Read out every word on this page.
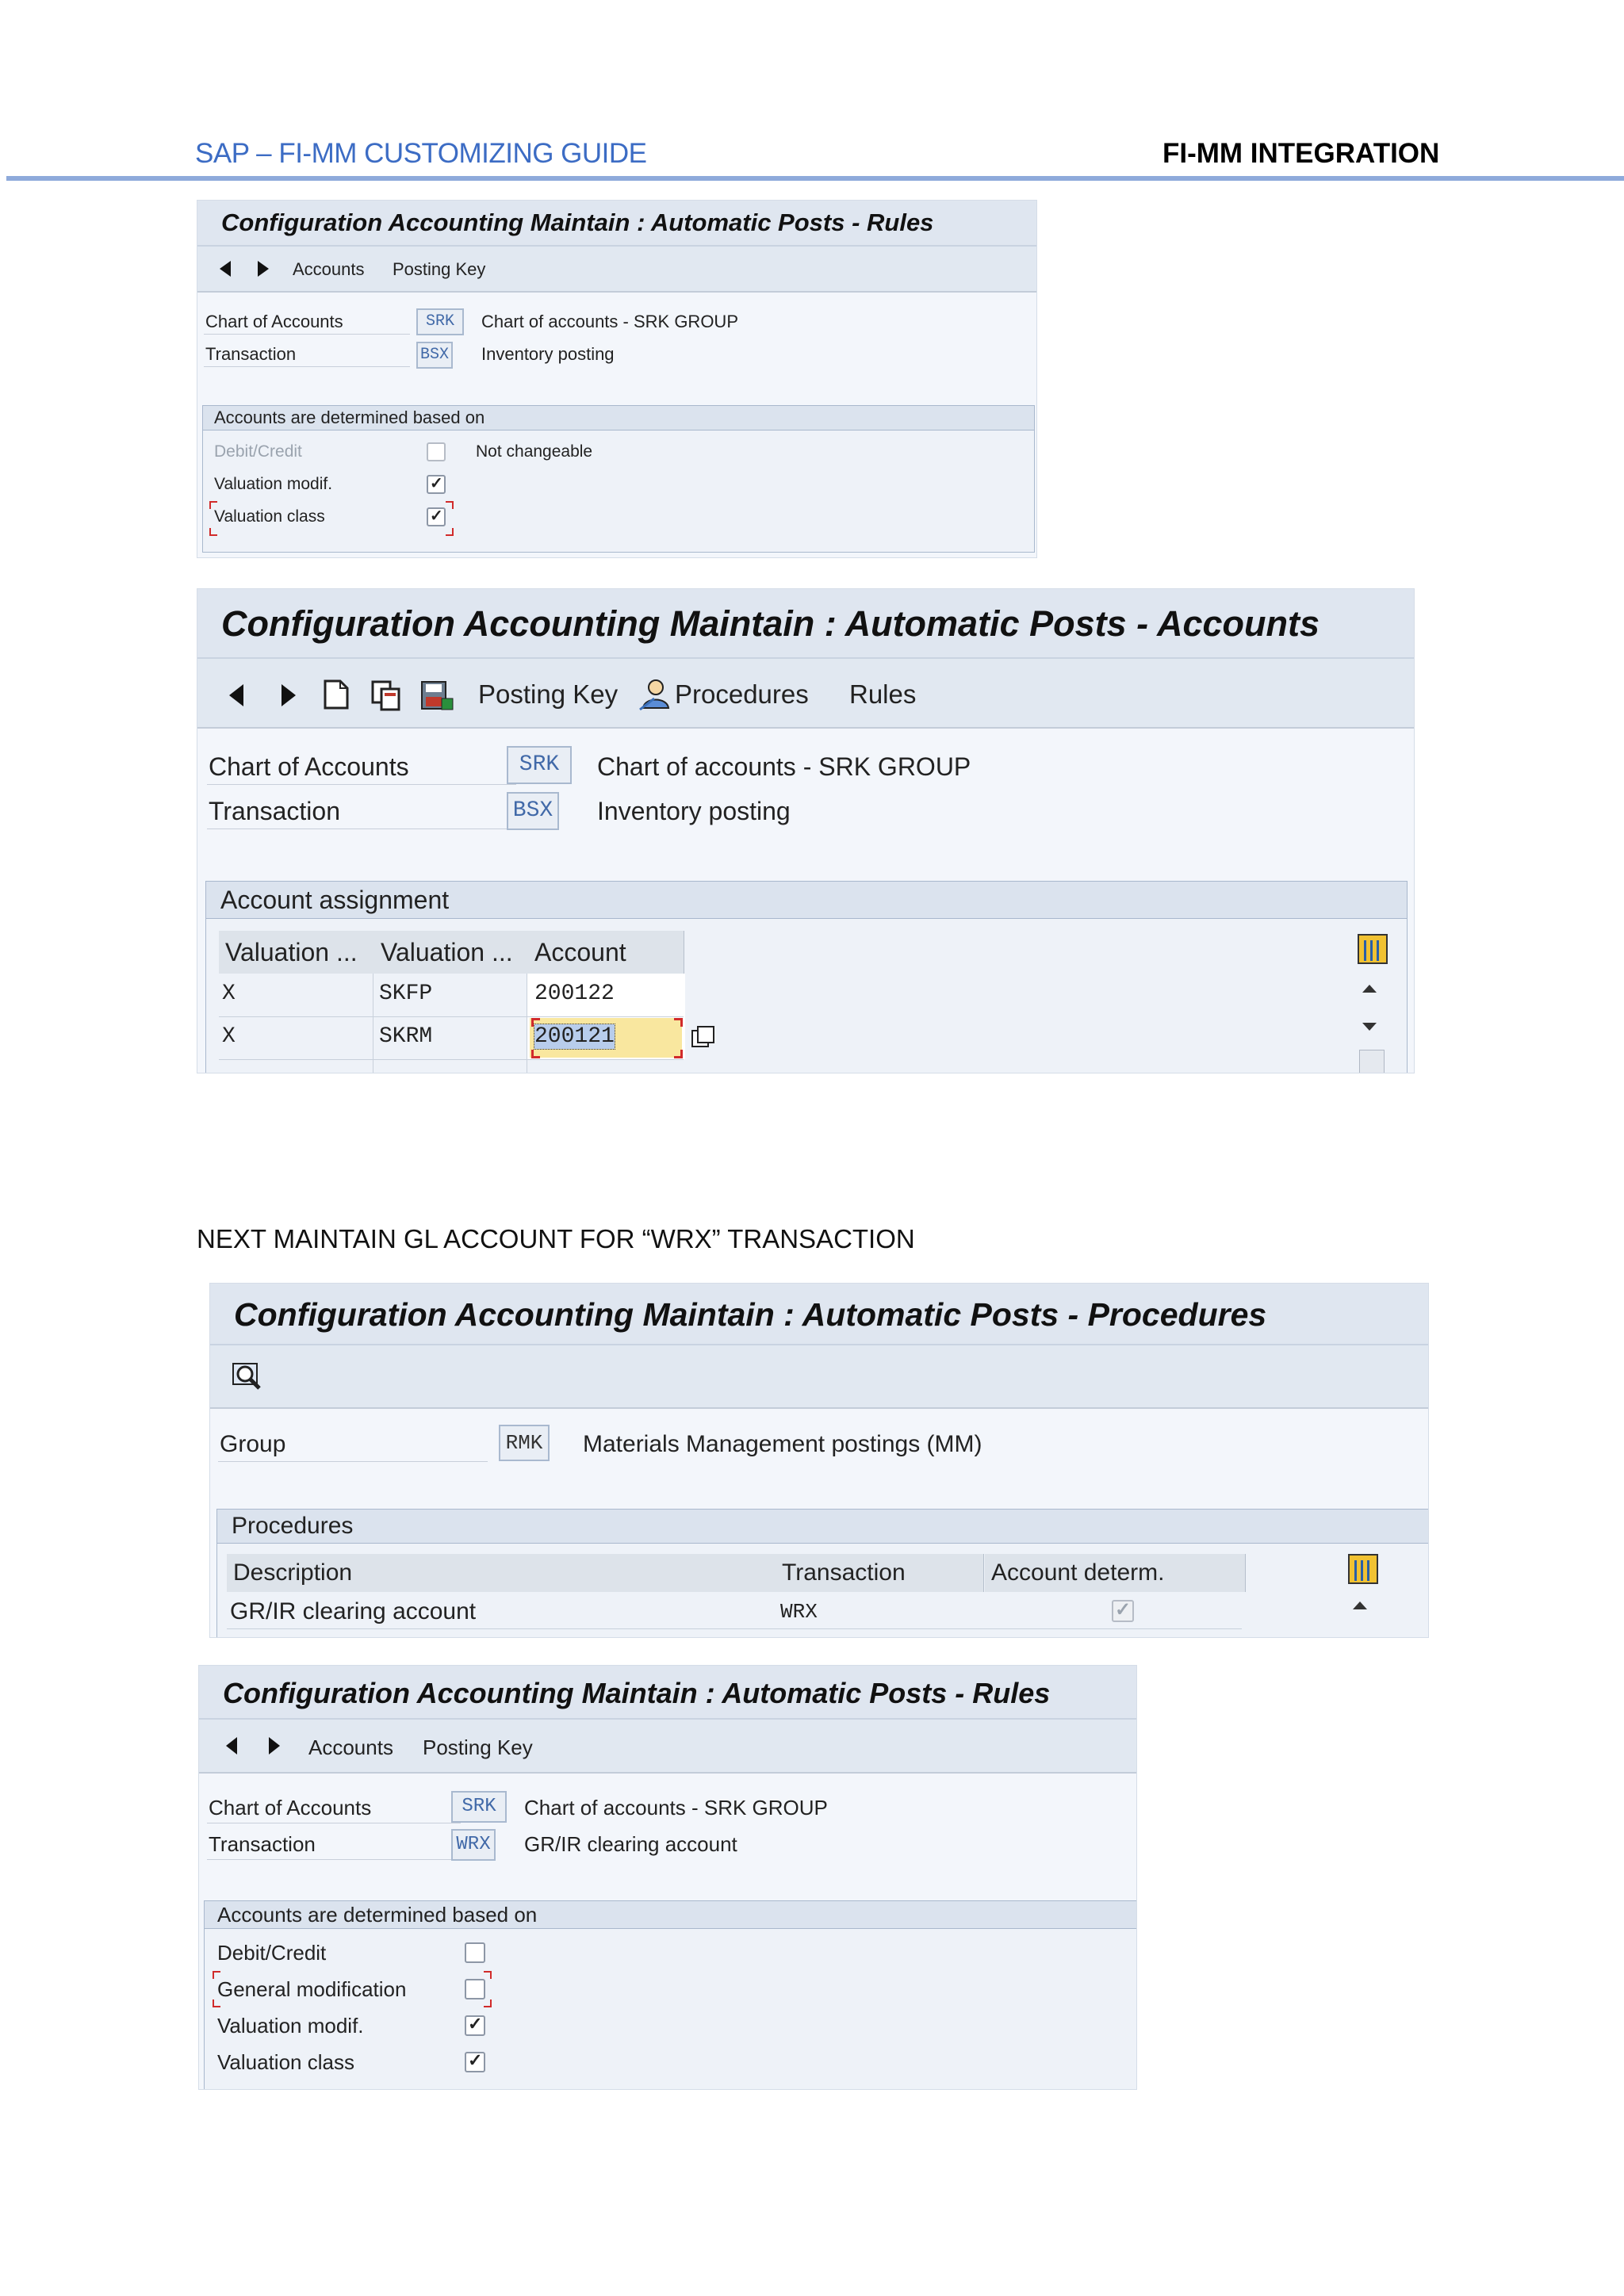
SAP – FI-MM CUSTOMIZING GUIDE	FI-MM INTEGRATION
Configuration Accounting Maintain : Automatic Posts - Rules
Accounts Posting Key
Chart of Accounts	SRK	Chart of accounts - SRK GROUP
Transaction	BSX Inventory posting
Accounts are determined based on
Debit/Credit	Not changeable
Valuation modif.	✓
Valuation class	✓
Configuration Accounting Maintain : Automatic Posts - Accounts
Posting Key Procedures Rules
Chart of Accounts	SRK	Chart of accounts - SRK GROUP
Transaction	BSX Inventory posting
Account assignment
Valuation ... Valuation ... Account
X	SKFP	200122
X	SKRM	200121
NEXT MAINTAIN GL ACCOUNT FOR “WRX” TRANSACTION
Configuration Accounting Maintain : Automatic Posts - Procedures
Group	RMK Materials Management postings (MM)
Procedures
Description	Transaction	Account determ.
GR/IR clearing account	WRX	✓
Configuration Accounting Maintain : Automatic Posts - Rules
Accounts Posting Key
Chart of Accounts	SRK	Chart of accounts - SRK GROUP
Transaction	WRX GR/IR clearing account
Accounts are determined based on
Debit/Credit
General modification
Valuation modif.	✓
Valuation class	✓
